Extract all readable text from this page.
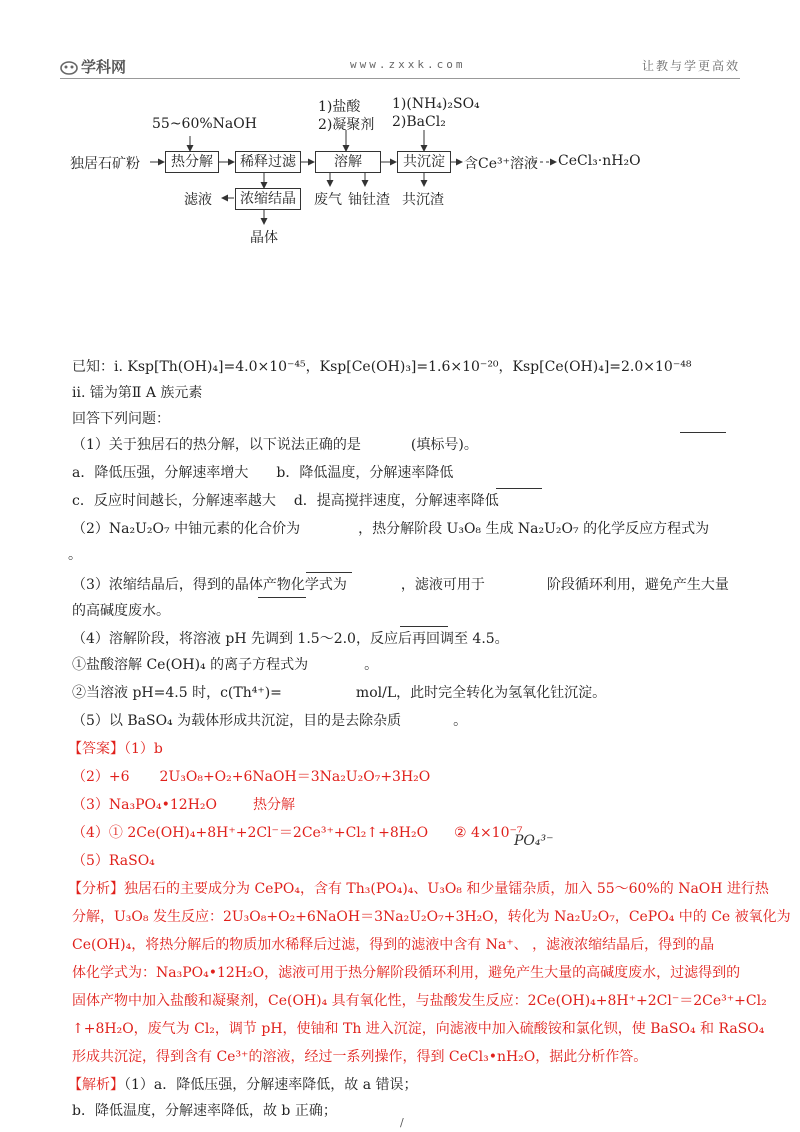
学科网	www.zxxk.com	让教与学更高效
55~60%NaOH
1)盐酸
2)凝聚剂
1)(NH₄)₂SO₄
2)BaCl₂
独居石矿粉	热分解	稀释过滤	溶解	共沉淀	含Ce³⁺溶液 CeCl₃·nH₂O
滤液	浓缩结晶
晶体
废气 铀钍渣 共沉渣
已知：ⅰ. Ksp[Th(OH)₄]=4.0×10⁻⁴⁵，Ksp[Ce(OH)₃]=1.6×10⁻²⁰，Ksp[Ce(OH)₄]=2.0×10⁻⁴⁸
ⅱ. 镭为第Ⅱ A 族元素
回答下列问题：
（1）关于独居石的热分解，以下说法正确的是	(填标号)。
a．降低压强，分解速率增大 b．降低温度，分解速率降低
c．反应时间越长，分解速率越大 d．提高搅拌速度，分解速率降低
（2）Na₂U₂O₇ 中铀元素的化合价为	，热分解阶段 U₃O₈ 生成 Na₂U₂O₇ 的化学反应方程式为
。
（3）浓缩结晶后，得到的晶体产物化学式为	，滤液可用于	阶段循环利用，避免产生大量
的高碱度废水。
（4）溶解阶段，将溶液 pH 先调到 1.5～2.0，反应后再回调至 4.5。
①盐酸溶解 Ce(OH)₄ 的离子方程式为	。
②当溶液 pH=4.5 时，c(Th⁴⁺)=	mol/L，此时完全转化为氢氧化钍沉淀。
（5）以 BaSO₄ 为载体形成共沉淀，目的是去除杂质	。
【答案】（1）b
（2）+6 2U₃O₈+O₂+6NaOH＝3Na₂U₂O₇+3H₂O
（3）Na₃PO₄•12H₂O	热分解
（4）① 2Ce(OH)₄+8H⁺+2Cl⁻＝2Ce³⁺+Cl₂↑+8H₂O ② 4×10⁻⁷
PO₄³⁻
（5）RaSO₄
【分析】独居石的主要成分为 CePO₄，含有 Th₃(PO₄)₄、U₃O₈ 和少量镭杂质，加入 55～60%的 NaOH 进行热
分解，U₃O₈ 发生反应：2U₃O₈+O₂+6NaOH＝3Na₂U₂O₇+3H₂O，转化为 Na₂U₂O₇，CePO₄ 中的 Ce 被氧化为
Ce(OH)₄，将热分解后的物质加水稀释后过滤，得到的滤液中含有 Na⁺、 ，滤液浓缩结晶后，得到的晶
体化学式为：Na₃PO₄•12H₂O，滤液可用于热分解阶段循环利用，避免产生大量的高碱度废水，过滤得到的
固体产物中加入盐酸和凝聚剂，Ce(OH)₄ 具有氧化性，与盐酸发生反应：2Ce(OH)₄+8H⁺+2Cl⁻＝2Ce³⁺+Cl₂
↑+8H₂O，废气为 Cl₂，调节 pH，使铀和 Th 进入沉淀，向滤液中加入硫酸铵和氯化钡，使 BaSO₄ 和 RaSO₄
形成共沉淀，得到含有 Ce³⁺的溶液，经过一系列操作，得到 CeCl₃•nH₂O，据此分析作答。
【解析】（1）a．降低压强，分解速率降低，故 a 错误；
b．降低温度，分解速率降低，故 b 正确；
/
